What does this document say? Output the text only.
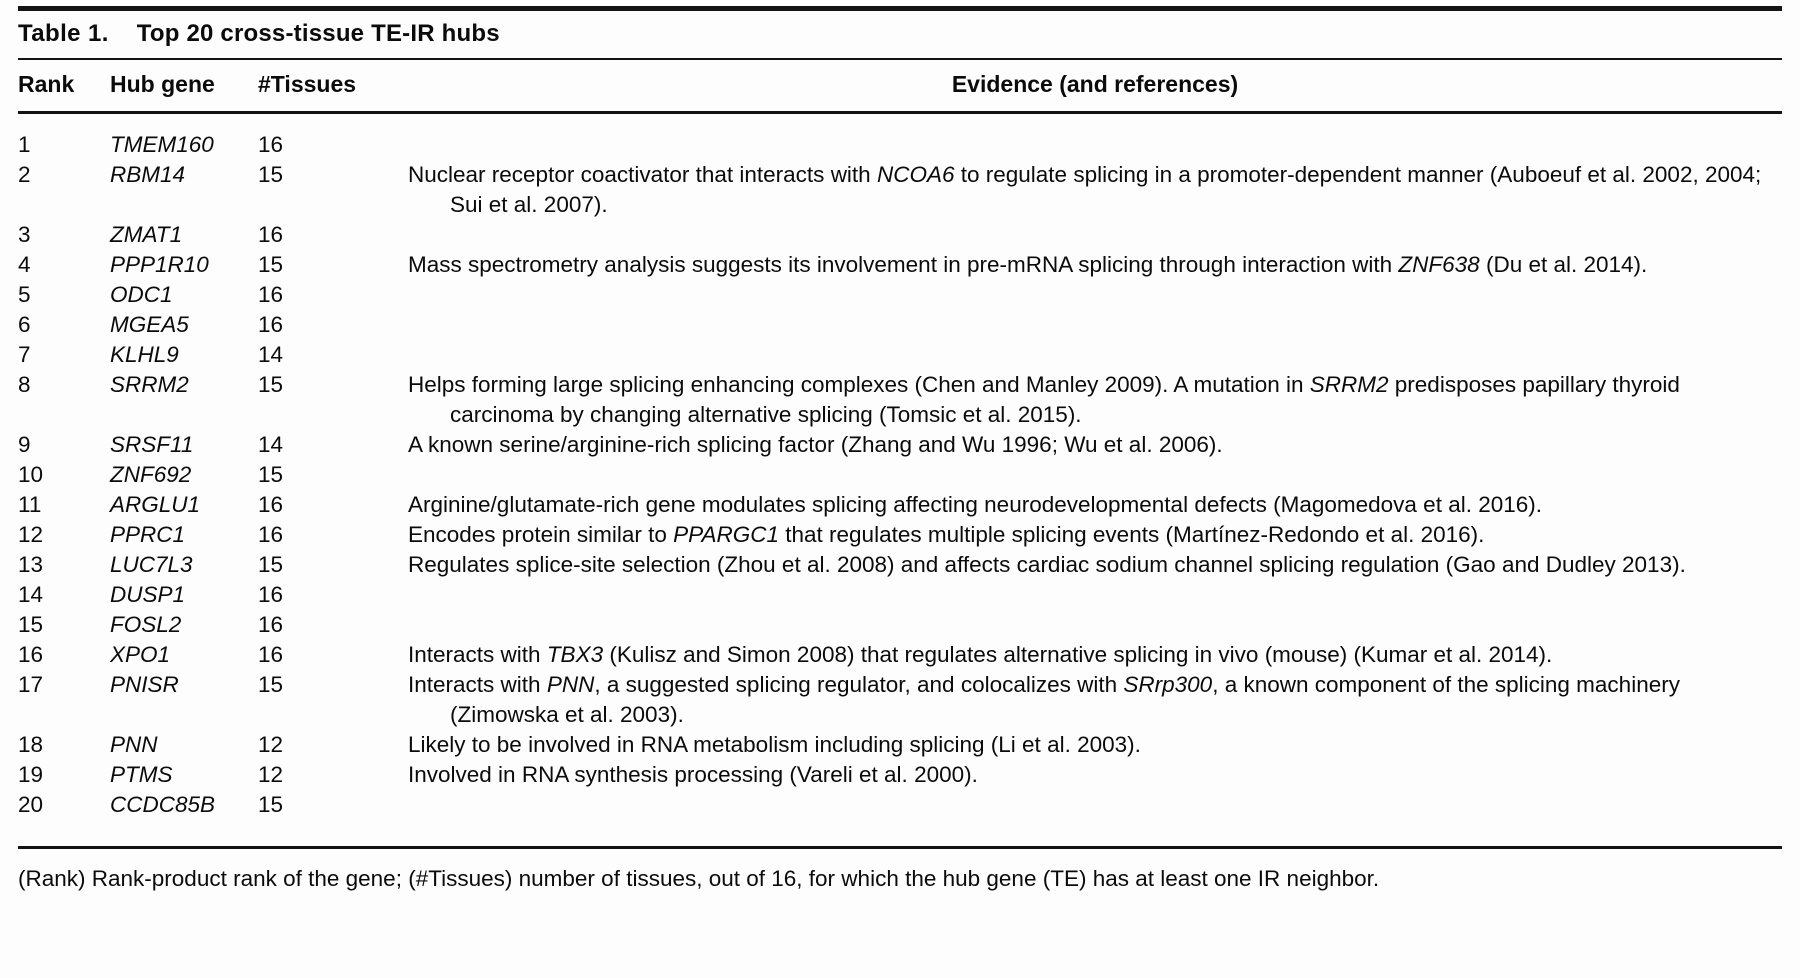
Table 1. Top 20 cross-tissue TE-IR hubs
Rank	Hub gene	#Tissues	Evidence (and references)
1	TMEM160	16
2	RBM14	15	Nuclear receptor coactivator that interacts with NCOA6 to regulate splicing in a promoter-dependent manner (Auboeuf et al. 2002, 2004; Sui et al. 2007).
3	ZMAT1	16
4	PPP1R10	15	Mass spectrometry analysis suggests its involvement in pre-mRNA splicing through interaction with ZNF638 (Du et al. 2014).
5	ODC1	16
6	MGEA5	16
7	KLHL9	14
8	SRRM2	15	Helps forming large splicing enhancing complexes (Chen and Manley 2009). A mutation in SRRM2 predisposes papillary thyroid carcinoma by changing alternative splicing (Tomsic et al. 2015).
9	SRSF11	14	A known serine/arginine-rich splicing factor (Zhang and Wu 1996; Wu et al. 2006).
10	ZNF692	15
11	ARGLU1	16	Arginine/glutamate-rich gene modulates splicing affecting neurodevelopmental defects (Magomedova et al. 2016).
12	PPRC1	16	Encodes protein similar to PPARGC1 that regulates multiple splicing events (Martínez-Redondo et al. 2016).
13	LUC7L3	15	Regulates splice-site selection (Zhou et al. 2008) and affects cardiac sodium channel splicing regulation (Gao and Dudley 2013).
14	DUSP1	16
15	FOSL2	16
16	XPO1	16	Interacts with TBX3 (Kulisz and Simon 2008) that regulates alternative splicing in vivo (mouse) (Kumar et al. 2014).
17	PNISR	15	Interacts with PNN, a suggested splicing regulator, and colocalizes with SRrp300, a known component of the splicing machinery (Zimowska et al. 2003).
18	PNN	12	Likely to be involved in RNA metabolism including splicing (Li et al. 2003).
19	PTMS	12	Involved in RNA synthesis processing (Vareli et al. 2000).
20	CCDC85B	15
(Rank) Rank-product rank of the gene; (#Tissues) number of tissues, out of 16, for which the hub gene (TE) has at least one IR neighbor.
